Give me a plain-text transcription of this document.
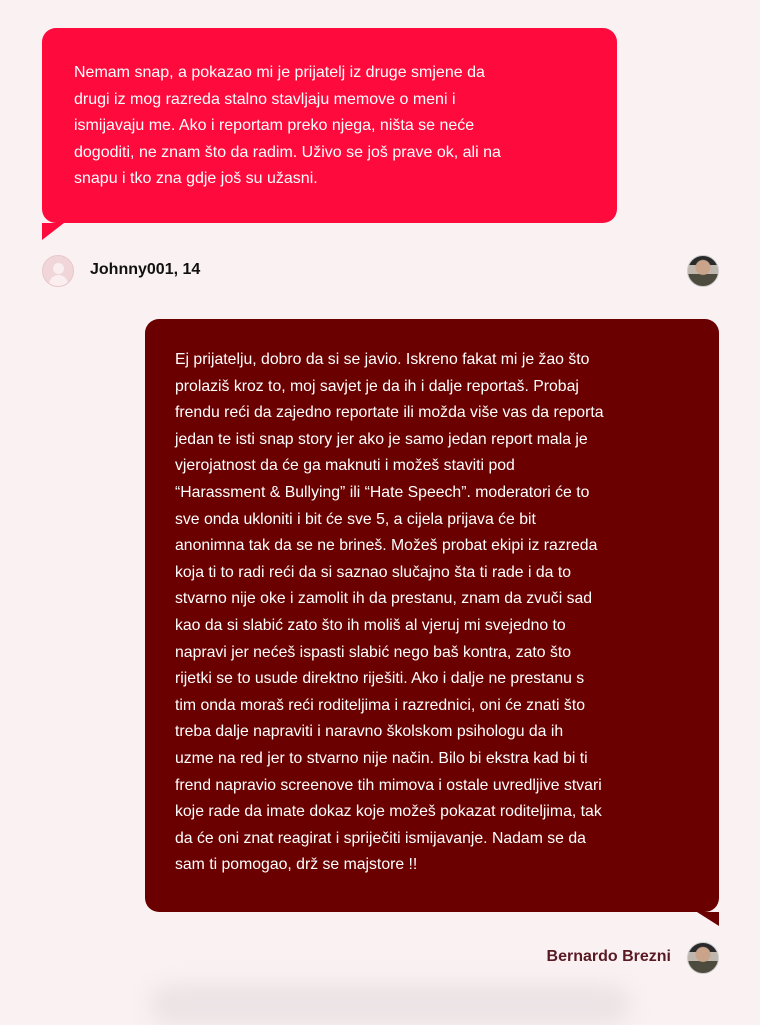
Nemam snap, a pokazao mi je prijatelj iz druge smjene da
drugi iz mog razreda stalno stavljaju memove o meni i
ismijavaju me. Ako i reportam preko njega, ništa se neće
dogoditi, ne znam što da radim. Uživo se još prave ok, ali na
snapu i tko zna gdje još su užasni.
Johnny001, 14
Ej prijatelju, dobro da si se javio. Iskreno fakat mi je žao što
prolaziš kroz to, moj savjet je da ih i dalje reportaš. Probaj
frendu reći da zajedno reportate ili možda više vas da reporta
jedan te isti snap story jer ako je samo jedan report mala je
vjerojatnost da će ga maknuti i možeš staviti pod
“Harassment & Bullying” ili “Hate Speech”. moderatori će to
sve onda ukloniti i bit će sve 5, a cijela prijava će bit
anonimna tak da se ne brineš. Možeš probat ekipi iz razreda
koja ti to radi reći da si saznao slučajno šta ti rade i da to
stvarno nije oke i zamolit ih da prestanu, znam da zvuči sad
kao da si slabić zato što ih moliš al vjeruj mi svejedno to
napravi jer nećeš ispasti slabić nego baš kontra, zato što
rijetki se to usude direktno riješiti. Ako i dalje ne prestanu s
tim onda moraš reći roditeljima i razrednici, oni će znati što
treba dalje napraviti i naravno školskom psihologu da ih
uzme na red jer to stvarno nije način. Bilo bi ekstra kad bi ti
frend napravio screenove tih mimova i ostale uvredljive stvari
koje rade da imate dokaz koje možeš pokazat roditeljima, tak
da će oni znat reagirat i spriječiti ismijavanje. Nadam se da
sam ti pomogao, drž se majstore !!
Bernardo Brezni
